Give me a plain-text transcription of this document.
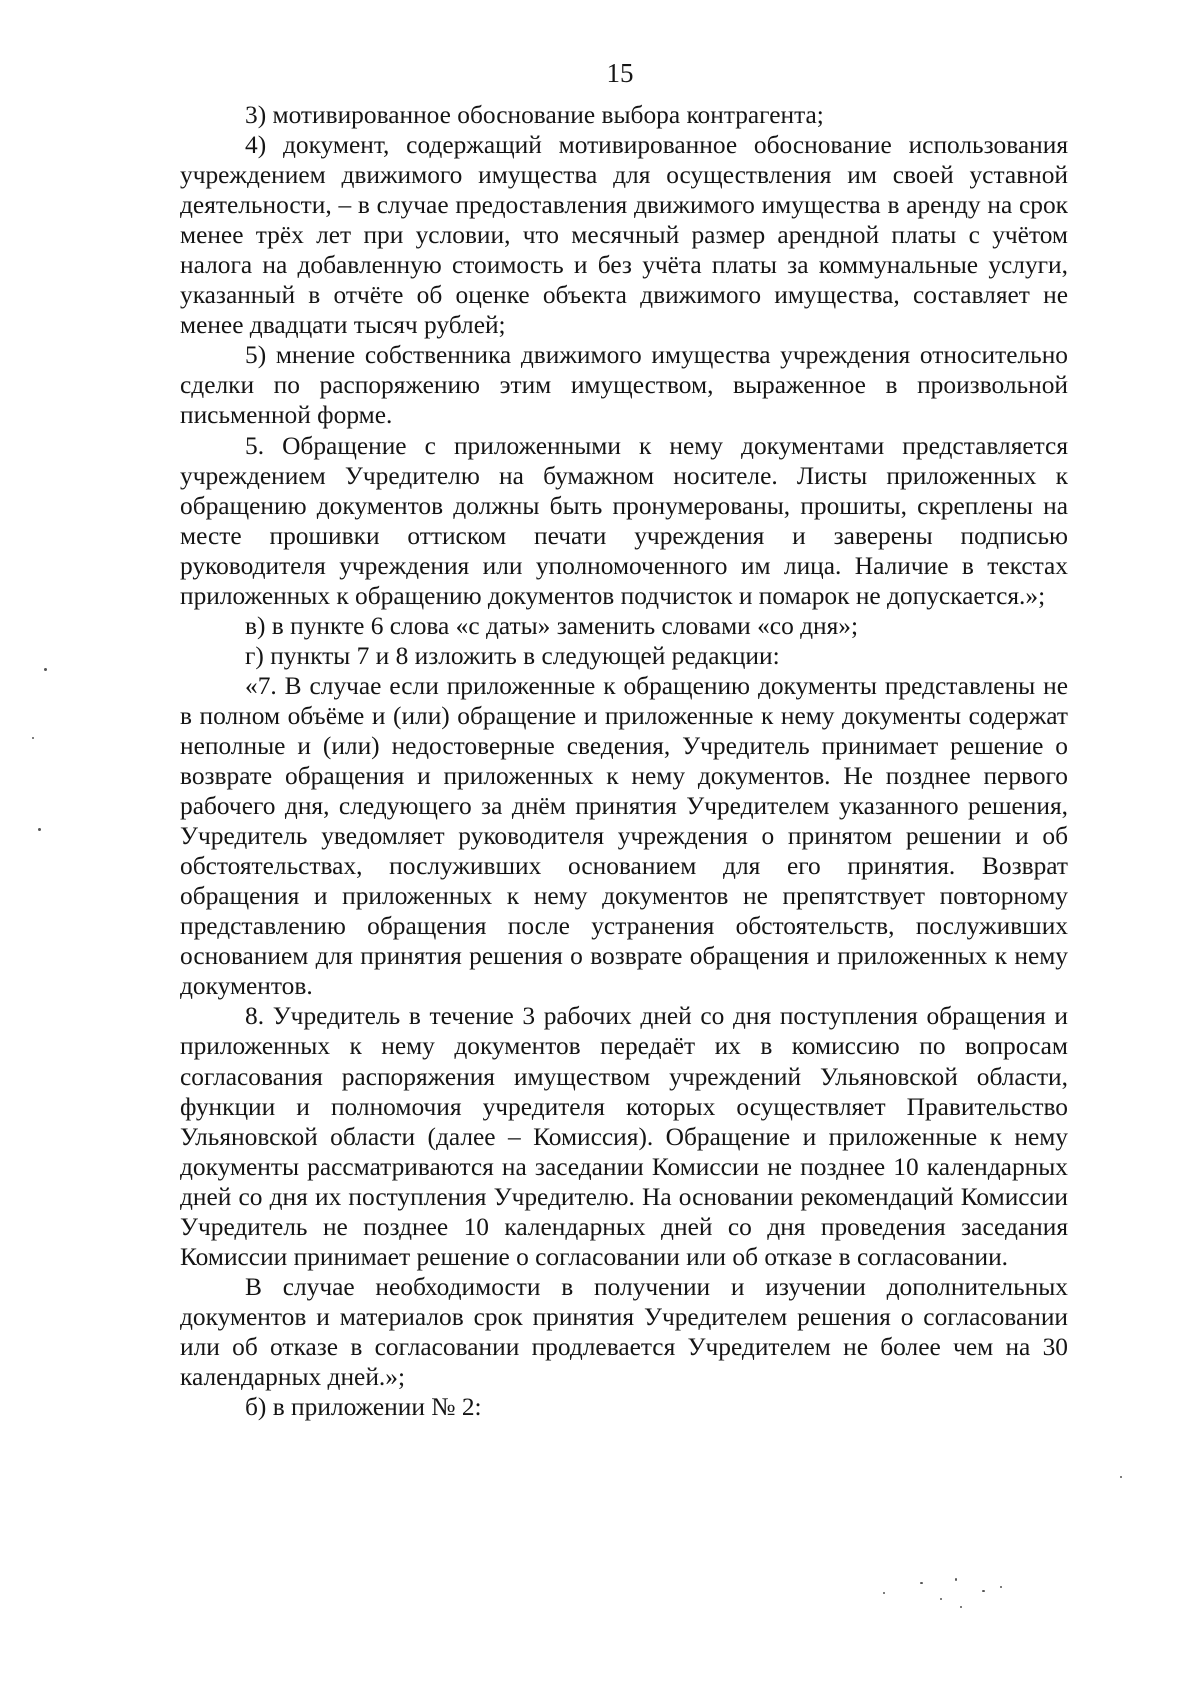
15

3) мотивированное обоснование выбора контрагента;

4) документ, содержащий мотивированное обоснование использования учреждением движимого имущества для осуществления им своей уставной деятельности, – в случае предоставления движимого имущества в аренду на срок менее трёх лет при условии, что месячный размер арендной платы с учётом налога на добавленную стоимость и без учёта платы за коммунальные услуги, указанный в отчёте об оценке объекта движимого имущества, составляет не менее двадцати тысяч рублей;

5) мнение собственника движимого имущества учреждения относительно сделки по распоряжению этим имуществом, выраженное в произвольной письменной форме.

5. Обращение с приложенными к нему документами представляется учреждением Учредителю на бумажном носителе. Листы приложенных к обращению документов должны быть пронумерованы, прошиты, скреплены на месте прошивки оттиском печати учреждения и заверены подписью руководителя учреждения или уполномоченного им лица. Наличие в текстах приложенных к обращению документов подчисток и помарок не допускается.»;

в) в пункте 6 слова «с даты» заменить словами «со дня»;

г) пункты 7 и 8 изложить в следующей редакции:

«7. В случае если приложенные к обращению документы представлены не в полном объёме и (или) обращение и приложенные к нему документы содержат неполные и (или) недостоверные сведения, Учредитель принимает решение о возврате обращения и приложенных к нему документов. Не позднее первого рабочего дня, следующего за днём принятия Учредителем указанного решения, Учредитель уведомляет руководителя учреждения о принятом решении и об обстоятельствах, послуживших основанием для его принятия. Возврат обращения и приложенных к нему документов не препятствует повторному представлению обращения после устранения обстоятельств, послуживших основанием для принятия решения о возврате обращения и приложенных к нему документов.

8. Учредитель в течение 3 рабочих дней со дня поступления обращения и приложенных к нему документов передаёт их в комиссию по вопросам согласования распоряжения имуществом учреждений Ульяновской области, функции и полномочия учредителя которых осуществляет Правительство Ульяновской области (далее – Комиссия). Обращение и приложенные к нему документы рассматриваются на заседании Комиссии не позднее 10 календарных дней со дня их поступления Учредителю. На основании рекомендаций Комиссии Учредитель не позднее 10 календарных дней со дня проведения заседания Комиссии принимает решение о согласовании или об отказе в согласовании.

В случае необходимости в получении и изучении дополнительных документов и материалов срок принятия Учредителем решения о согласовании или об отказе в согласовании продлевается Учредителем не более чем на 30 календарных дней.»;

б) в приложении № 2:
